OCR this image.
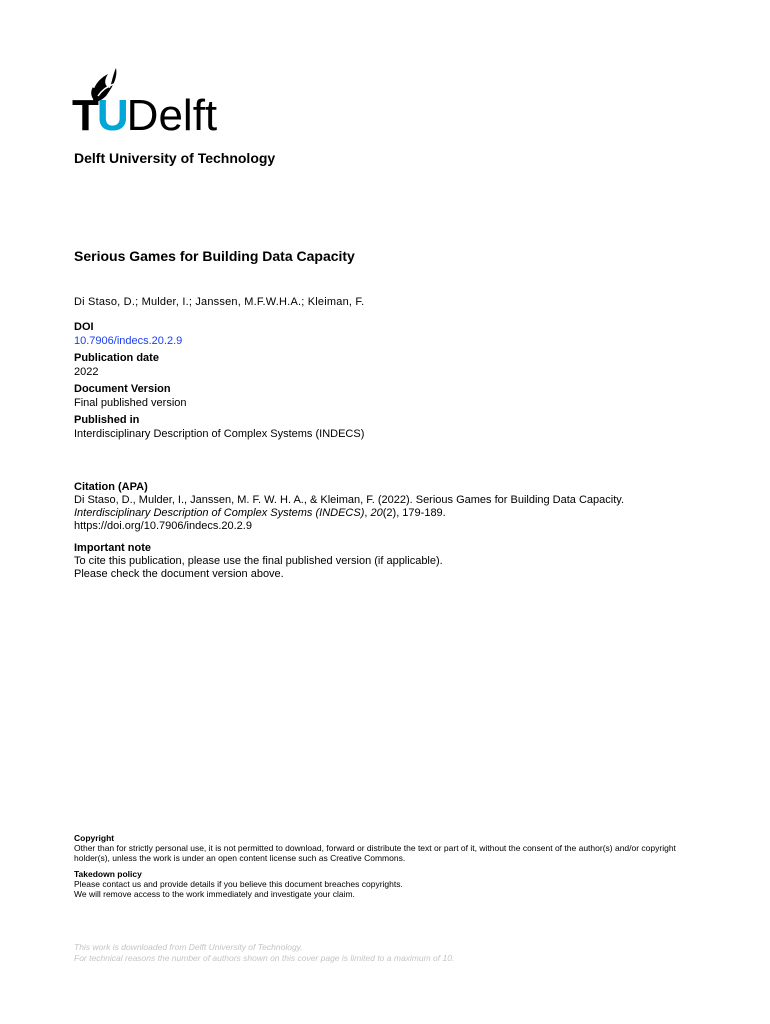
TUDelft
Delft University of Technology
Serious Games for Building Data Capacity
Di Staso, D.; Mulder, I.; Janssen, M.F.W.H.A.; Kleiman, F.
DOI
10.7906/indecs.20.2.9
Publication date
2022
Document Version
Final published version
Published in
Interdisciplinary Description of Complex Systems (INDECS)
Citation (APA)
Di Staso, D., Mulder, I., Janssen, M. F. W. H. A., & Kleiman, F. (2022). Serious Games for Building Data Capacity. Interdisciplinary Description of Complex Systems (INDECS), 20(2), 179-189.
https://doi.org/10.7906/indecs.20.2.9
Important note
To cite this publication, please use the final published version (if applicable).
Please check the document version above.
Copyright
Other than for strictly personal use, it is not permitted to download, forward or distribute the text or part of it, without the consent of the author(s) and/or copyright holder(s), unless the work is under an open content license such as Creative Commons.
Takedown policy
Please contact us and provide details if you believe this document breaches copyrights.
We will remove access to the work immediately and investigate your claim.
This work is downloaded from Delft University of Technology.
For technical reasons the number of authors shown on this cover page is limited to a maximum of 10.
